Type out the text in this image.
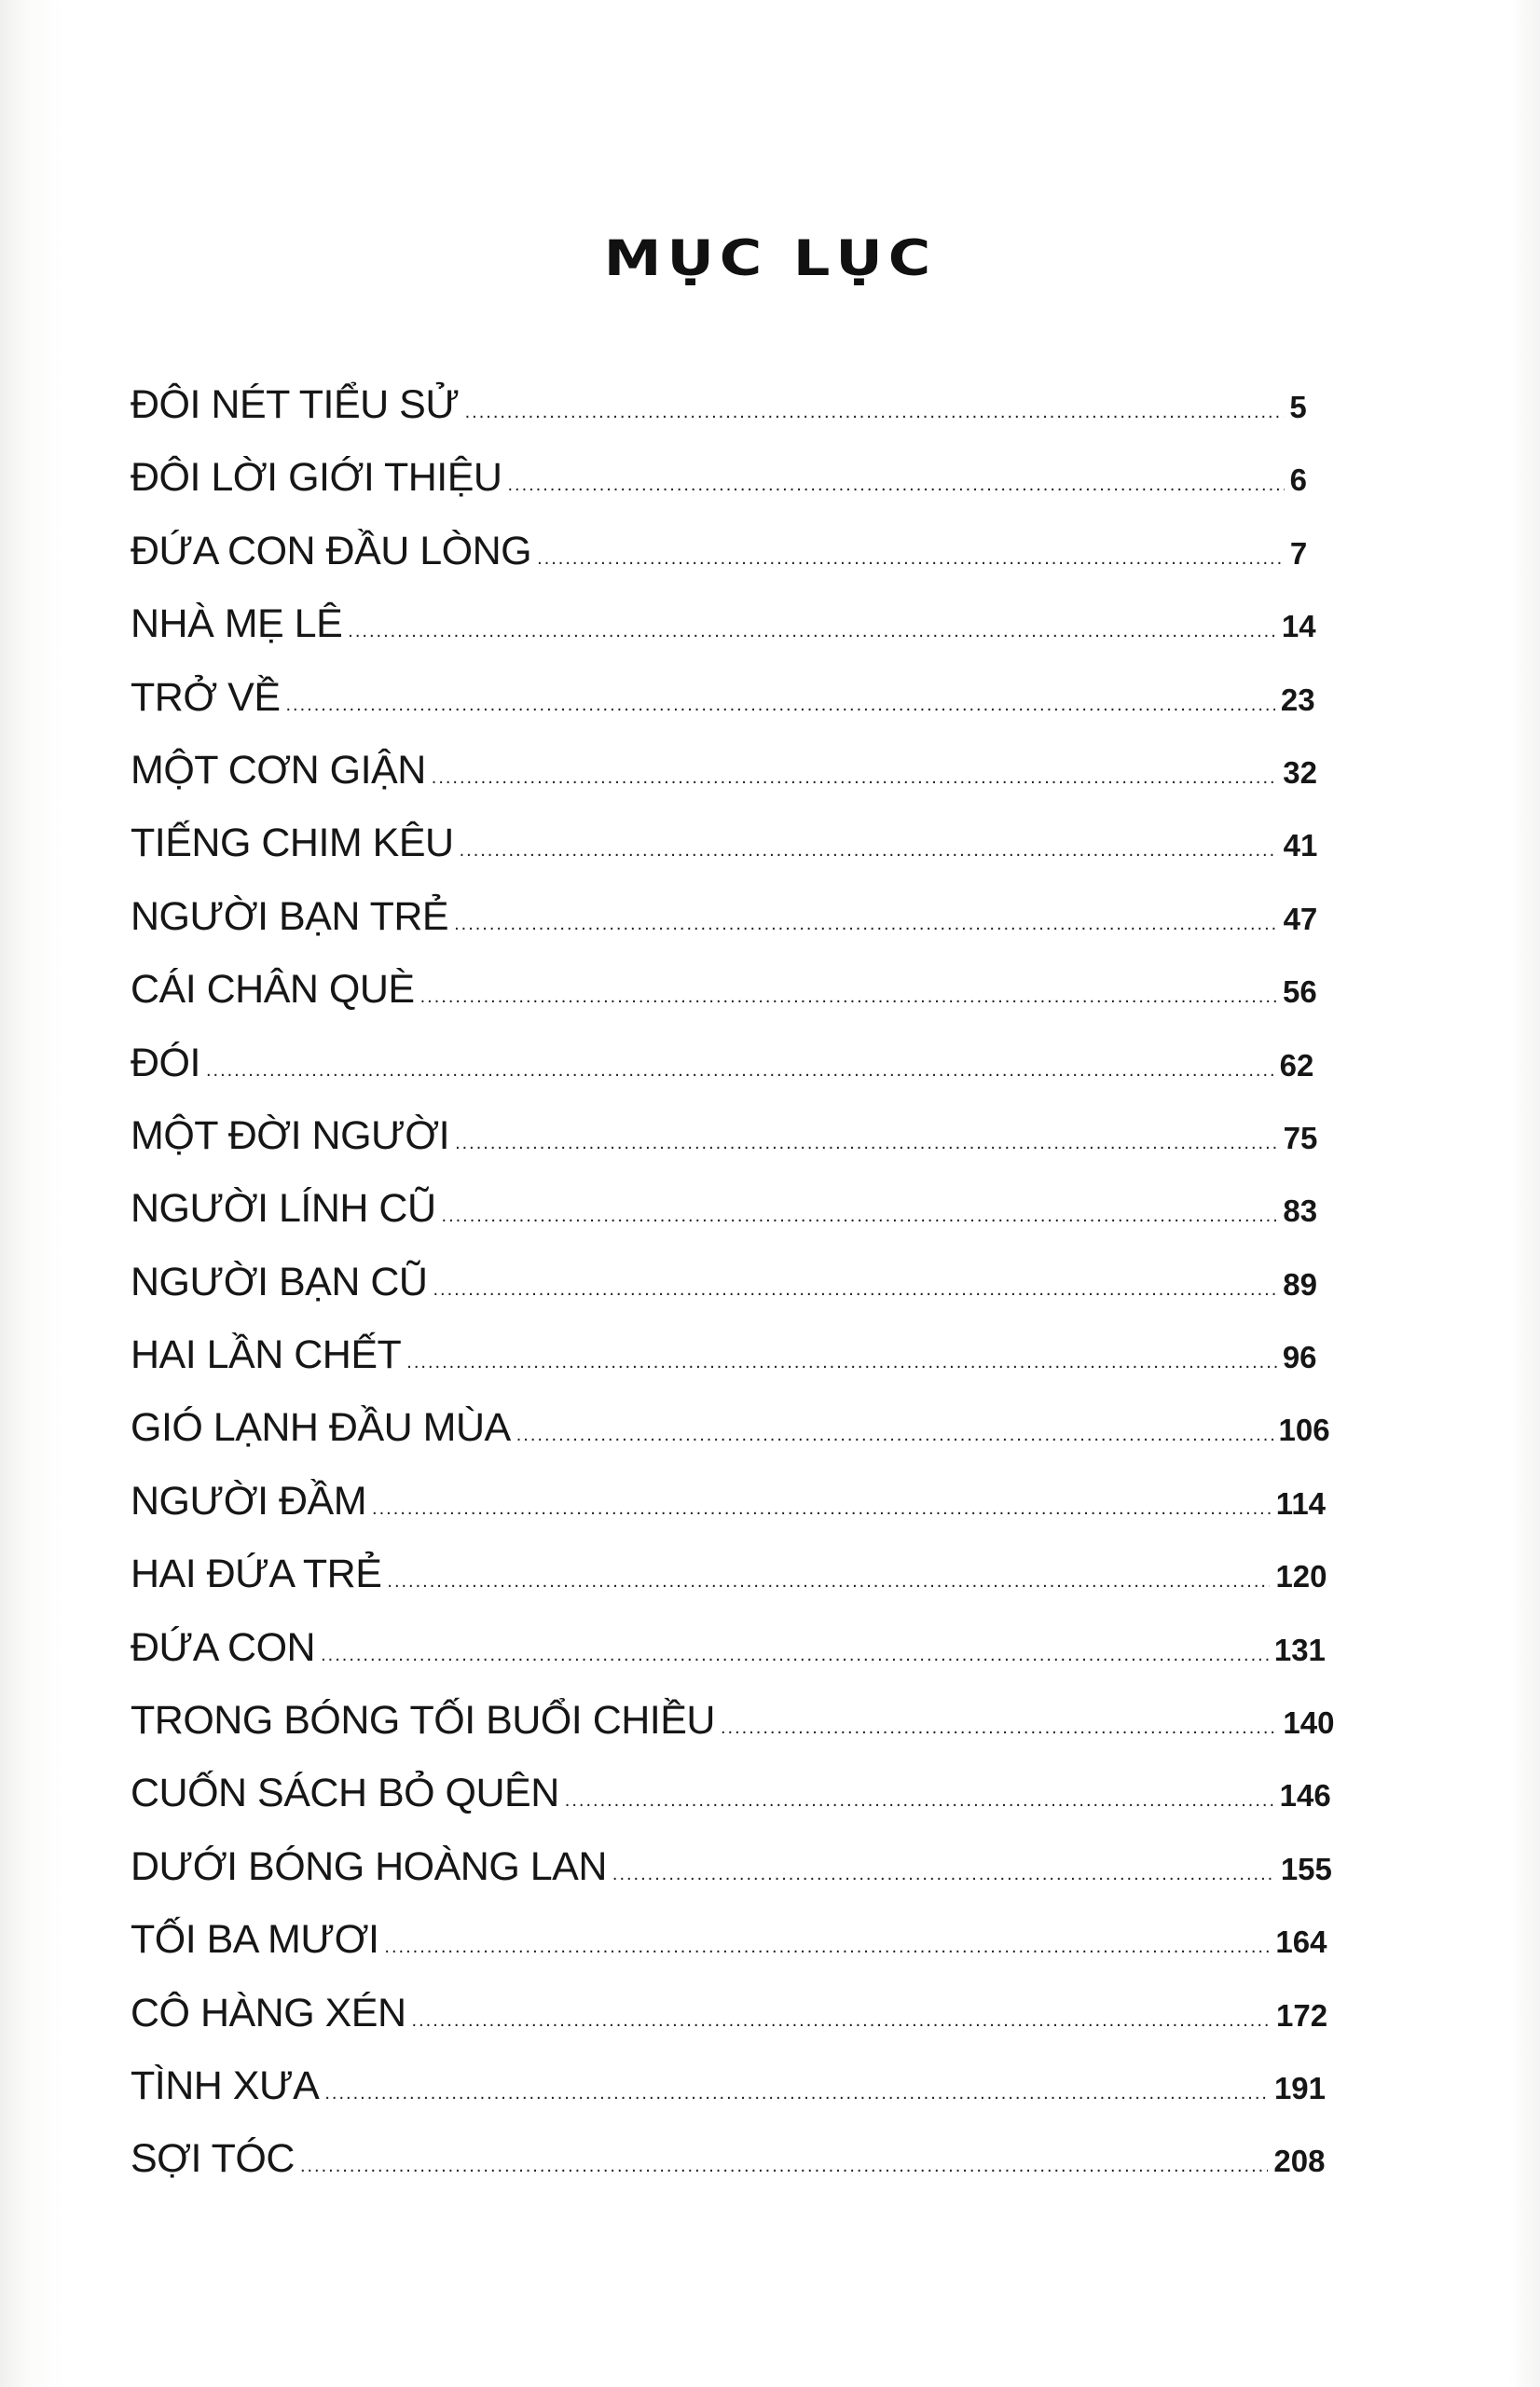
MỤC LỤC
ĐÔI NÉT TIỂU SỬ .....	5
ĐÔI LỜI GIỚI THIỆU .....	6
ĐỨA CON ĐẦU LÒNG .....	7
NHÀ MẸ LÊ .....	14
TRỞ VỀ .....	23
MỘT CƠN GIẬN .....	32
TIẾNG CHIM KÊU .....	41
NGƯỜI BẠN TRẺ .....	47
CÁI CHÂN QUÈ .....	56
ĐÓI .....	62
MỘT ĐỜI NGƯỜI .....	75
NGƯỜI LÍNH CŨ .....	83
NGƯỜI BẠN CŨ .....	89
HAI LẦN CHẾT .....	96
GIÓ LẠNH ĐẦU MÙA .....	106
NGƯỜI ĐẦM .....	114
HAI ĐỨA TRẺ .....	120
ĐỨA CON .....	131
TRONG BÓNG TỐI BUỔI CHIỀU .....	140
CUỐN SÁCH BỎ QUÊN .....	146
DƯỚI BÓNG HOÀNG LAN .....	155
TỐI BA MƯƠI .....	164
CÔ HÀNG XÉN .....	172
TÌNH XƯA .....	191
SỢI TÓC .....	208
